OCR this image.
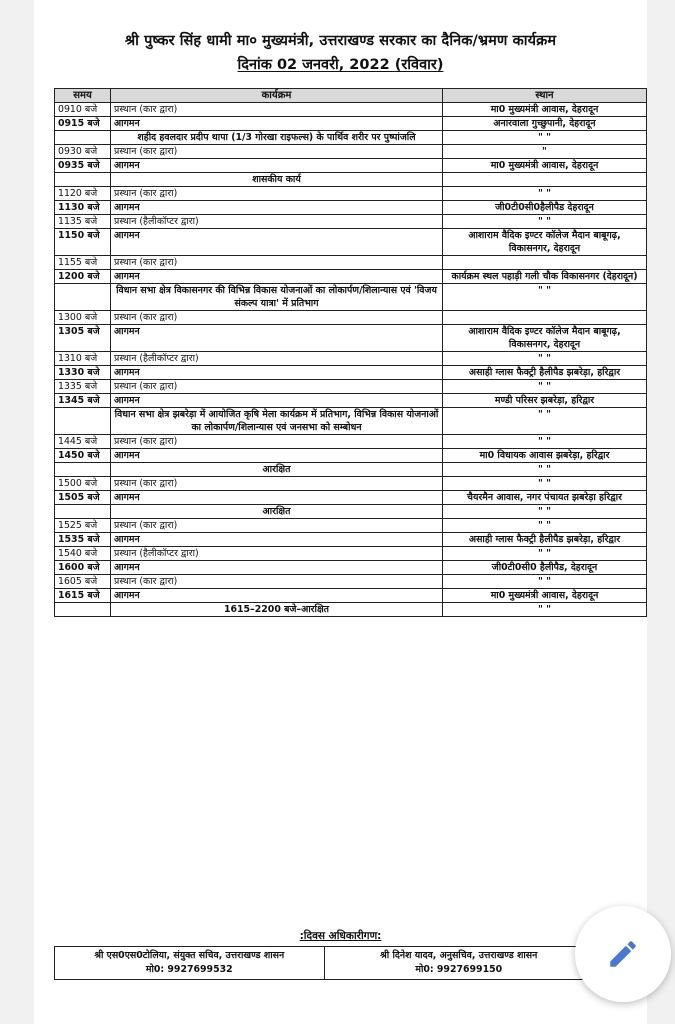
श्री पुष्कर सिंह धामी मा० मुख्यमंत्री, उत्तराखण्ड सरकार का दैनिक/भ्रमण कार्यक्रम
दिनांक 02 जनवरी, 2022 (रविवार)
समय	कार्यक्रम	स्थान
0910 बजे	प्रस्थान (कार द्वारा)	मा0 मुख्यमंत्री आवास, देहरादून
0915 बजे	आगमन	अनारवाला गुच्छुपानी, देहरादून
	शहीद हवलदार प्रदीप थापा (1/3 गोरखा राइफल्स) के पार्थिव शरीर पर पुष्पांजलि	" "
0930 बजे	प्रस्थान (कार द्वारा)	"
0935 बजे	आगमन	मा0 मुख्यमंत्री आवास, देहरादून
	शासकीय कार्य	
1120 बजे	प्रस्थान (कार द्वारा)	" "
1130 बजे	आगमन	जी0टी0सी0हैलीपैड देहरादून
1135 बजे	प्रस्थान (हैलीकॉप्टर द्वारा)	" "
1150 बजे	आगमन	आशाराम वैदिक इण्टर कॉलेज मैदान बाबूगढ़, विकासनगर, देहरादून
1155 बजे	प्रस्थान (कार द्वारा)	
1200 बजे	आगमन	कार्यक्रम स्थल पहाड़ी गली चौक विकासनगर (देहरादून)
	विधान सभा क्षेत्र विकासनगर की विभिन्न विकास योजनाओं का लोकार्पण/शिलान्यास एवं 'विजय संकल्प यात्रा' में प्रतिभाग	" "
1300 बजे	प्रस्थान (कार द्वारा)	
1305 बजे	आगमन	आशाराम वैदिक इण्टर कॉलेज मैदान बाबूगढ़, विकासनगर, देहरादून
1310 बजे	प्रस्थान (हैलीकॉप्टर द्वारा)	" "
1330 बजे	आगमन	असाही ग्लास फैक्ट्री हैलीपैड झबरेड़ा, हरिद्वार
1335 बजे	प्रस्थान (कार द्वारा)	" "
1345 बजे	आगमन	मण्डी परिसर झबरेड़ा, हरिद्वार
	विधान सभा क्षेत्र झबरेड़ा में आयोजित कृषि मेला कार्यक्रम में प्रतिभाग, विभिन्न विकास योजनाओं का लोकार्पण/शिलान्यास एवं जनसभा को सम्बोधन	" "
1445 बजे	प्रस्थान (कार द्वारा)	" "
1450 बजे	आगमन	मा0 विधायक आवास झबरेड़ा, हरिद्वार
	आरक्षित	" "
1500 बजे	प्रस्थान (कार द्वारा)	" "
1505 बजे	आगमन	चैयरमैन आवास, नगर पंचायत झबरेड़ा हरिद्वार
	आरक्षित	" "
1525 बजे	प्रस्थान (कार द्वारा)	" "
1535 बजे	आगमन	असाही ग्लास फैक्ट्री हैलीपैड झबरेड़ा, हरिद्वार
1540 बजे	प्रस्थान (हैलीकॉप्टर द्वारा)	" "
1600 बजे	आगमन	जी0टी0सी0 हैलीपैड, देहरादून
1605 बजे	प्रस्थान (कार द्वारा)	" "
1615 बजे	आगमन	मा0 मुख्यमंत्री आवास, देहरादून
	1615–2200 बजे–आरक्षित	" "
:दिवस अधिकारीगण:
श्री एस0एस0टोलिया, संयुक्त सचिव, उत्तराखण्ड शासन
मो0: 9927699532

श्री दिनेश यादव, अनुसचिव, उत्तराखण्ड शासन
मो0: 9927699150
